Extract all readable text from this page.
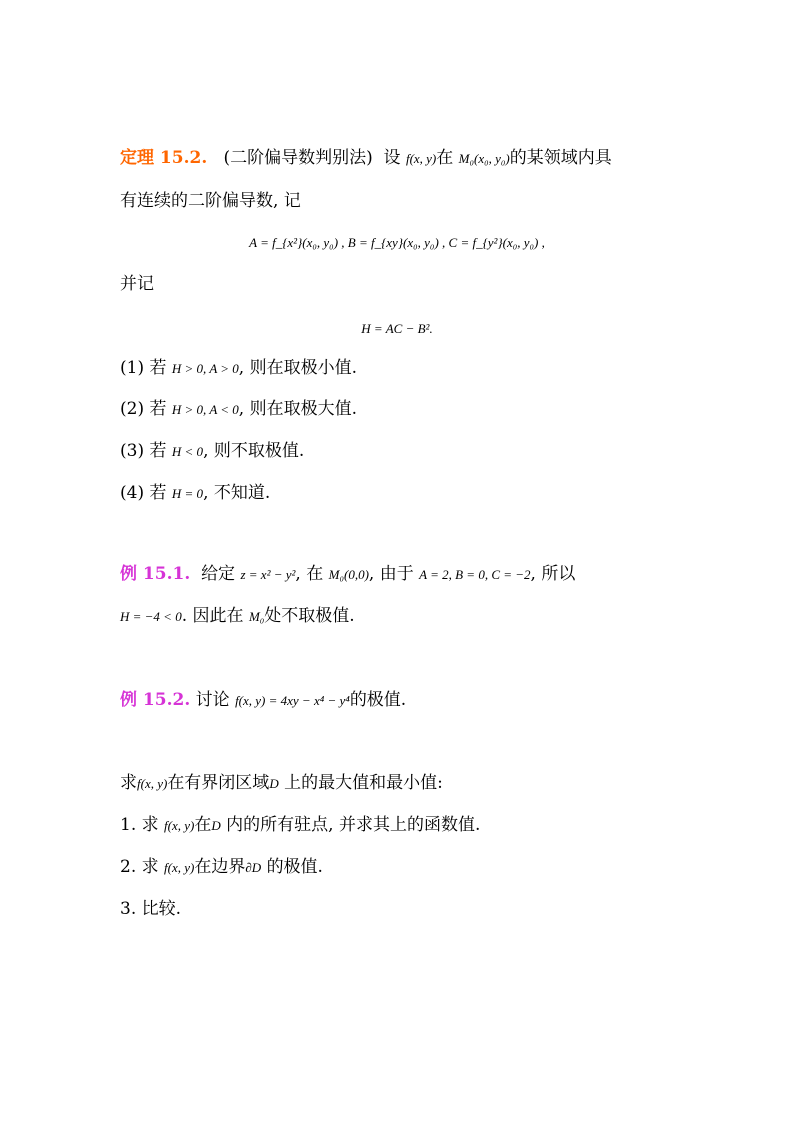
定理 15.2. (二阶偏导数判别法) 设 f(x, y)在 M₀(x₀, y₀)的某领域内具
有连续的二阶偏导数, 记
A = f_{x²}(x₀, y₀) , B = f_{xy}(x₀, y₀) , C = f_{y²}(x₀, y₀) ,
并记
H = AC − B².
(1) 若 H > 0, A > 0, 则在取极小值.
(2) 若 H > 0, A < 0, 则在取极大值.
(3) 若 H < 0, 则不取极值.
(4) 若 H = 0, 不知道.
例 15.1. 给定 z = x² − y², 在 M₀(0,0), 由于 A = 2, B = 0, C = −2, 所以
H = −4 < 0. 因此在 M₀处不取极值.
例 15.2. 讨论 f(x, y) = 4xy − x⁴ − y⁴的极值.
求f(x, y)在有界闭区域D 上的最大值和最小值:
1. 求 f(x, y)在D 内的所有驻点, 并求其上的函数值.
2. 求 f(x, y)在边界∂D 的极值.
3. 比较.
